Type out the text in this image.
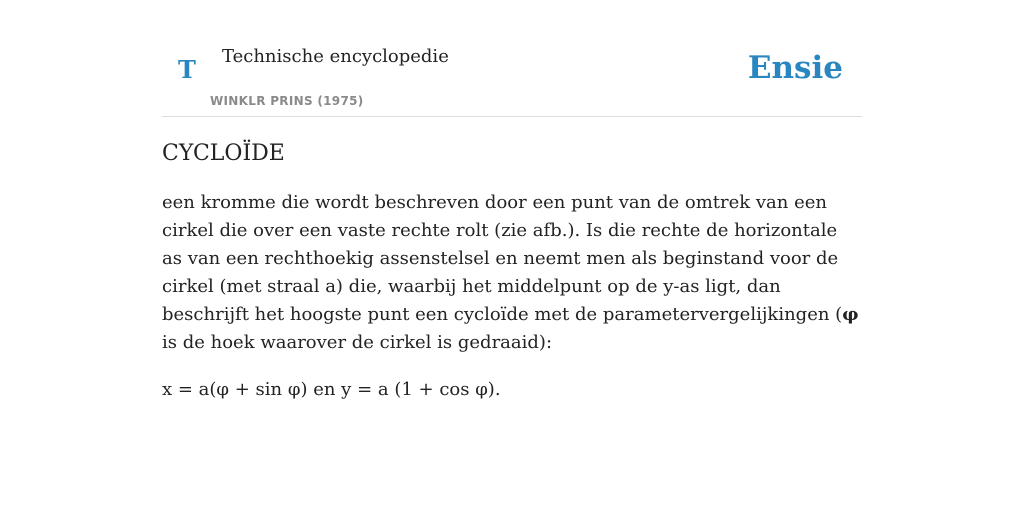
T Technische encyclopedie
WINKLR PRINS (1975)
Ensie
CYCLOÏDE

een kromme die wordt beschreven door een punt van de omtrek van een cirkel die over een vaste rechte rolt (zie afb.). Is die rechte de horizontale as van een rechthoekig assenstelsel en neemt men als beginstand voor de cirkel (met straal a) die, waarbij het middelpunt op de y-as ligt, dan beschrijft het hoogste punt een cycloïde met de parametervergelijkingen (φ is de hoek waarover de cirkel is gedraaid):

x = a(φ + sin φ) en y = a (1 + cos φ).
